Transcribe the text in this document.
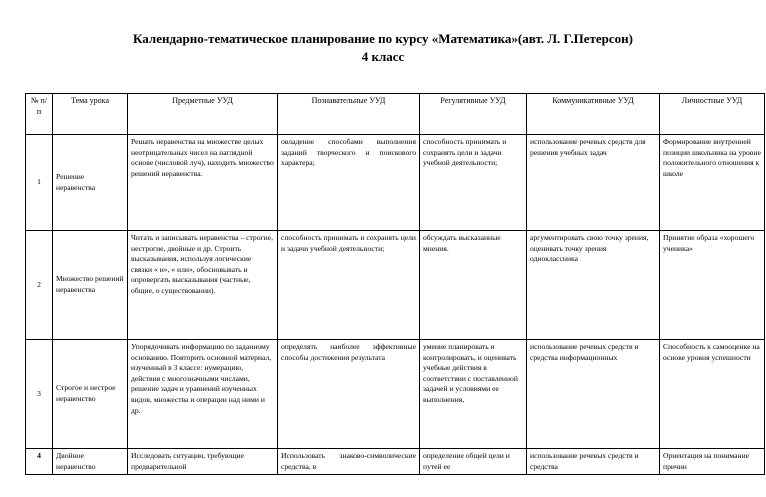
Календарно-тематическое планирование по курсу «Математика»(авт. Л. Г.Петерсон)
4 класс
№ п/п	Тема урока	Предметные УУД	Познавательные УУД	Регулятивные УУД	Коммуникативные УУД	Личностные УУД
1	Решение неравенства	Решать неравенства на множестве целых неотрицательных чисел на наглядной основе (числовой луч), находить множество решений неравенства.	овладение способами выполнения заданий творческого и поискового характера;	способность принимать и сохранять цели и задачи учебной деятельности;	использование речевых средств для решения учебных задач	Формирование внутренней позиции школьника на уровне положительного отношения к школе
2	Множество решений неравенства	Читать и записывать неравенства – строгие, нестрогие, двойные и др. Строить высказывания, используя логические связки « и», « или», обосновывать и опровергать высказывания (частные, общие, о существовании).	способность принимать и сохранять цели и задачи учебной деятельности;	обсуждать высказанные мнения.	аргументировать свою точку зрения, оценивать точку зрения одноклассника	Принятие образа «хорошего ученика»
3	Строгое и нестрое неравенство	Упорядочивать информацию по заданному основанию. Повторить основной материал, изученный в 3 классе: нумерацию, действия с многозначными числами, решение задач и уравнений изученных видов, множества и операции над ними и др.	определять наиболее эффективные способы достижения результата	умение планировать и контролировать, и оценивать учебные действия в соответствии с поставленной задачей и условиями ее выполнения,	использование речевых средств и средства информационных	Способность к самооценке на основе уровня успешности
4	Двойное неравенство	Исследовать ситуации, требующие предварительной	Использовать знаково-символические средства, в	определение общей цели и путей ее	использование речевых средств и средства	Ориентация на понимание причин
